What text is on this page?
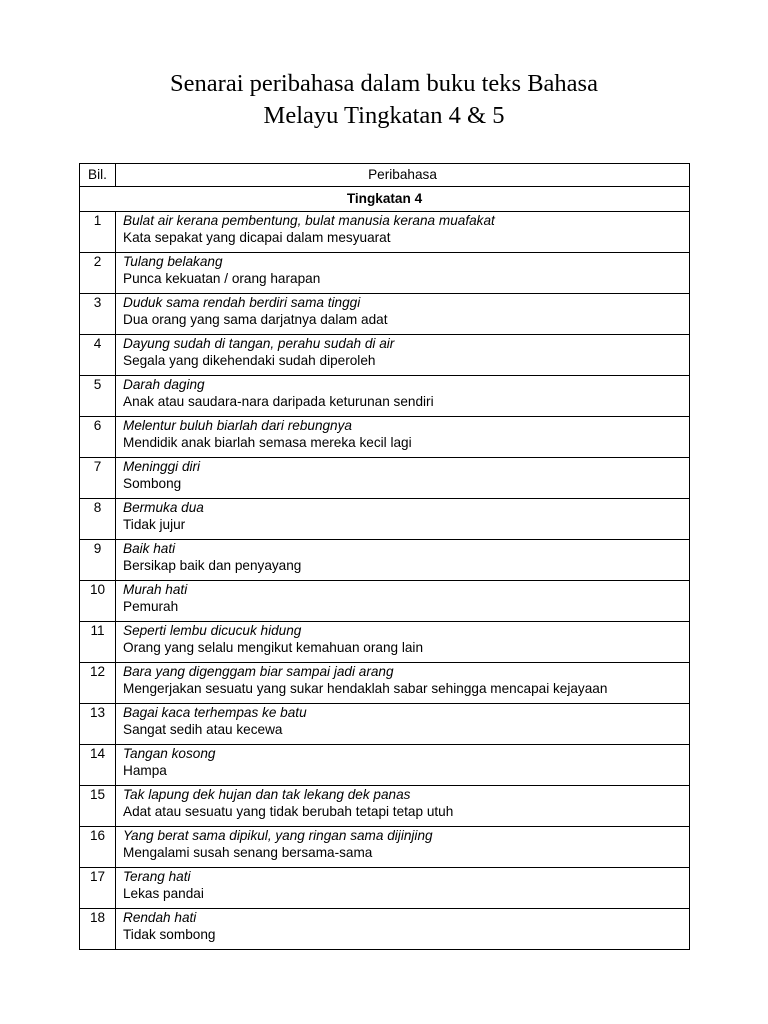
Senarai peribahasa dalam buku teks Bahasa
Melayu Tingkatan 4 & 5
Bil.	Peribahasa
Tingkatan 4	
1	Bulat air kerana pembentung, bulat manusia kerana muafakat
Kata sepakat yang dicapai dalam mesyuarat

2	Tulang belakang
Punca kekuatan / orang harapan

3	Duduk sama rendah berdiri sama tinggi
Dua orang yang sama darjatnya dalam adat

4	Dayung sudah di tangan, perahu sudah di air
Segala yang dikehendaki sudah diperoleh

5	Darah daging
Anak atau saudara-nara daripada keturunan sendiri

6	Melentur buluh biarlah dari rebungnya
Mendidik anak biarlah semasa mereka kecil lagi

7	Meninggi diri
Sombong

8	Bermuka dua
Tidak jujur

9	Baik hati
Bersikap baik dan penyayang

10	Murah hati
Pemurah

11	Seperti lembu dicucuk hidung
Orang yang selalu mengikut kemahuan orang lain

12	Bara yang digenggam biar sampai jadi arang
Mengerjakan sesuatu yang sukar hendaklah sabar sehingga mencapai kejayaan

13	Bagai kaca terhempas ke batu
Sangat sedih atau kecewa

14	Tangan kosong
Hampa

15	Tak lapung dek hujan dan tak lekang dek panas
Adat atau sesuatu yang tidak berubah tetapi tetap utuh

16	Yang berat sama dipikul, yang ringan sama dijinjing
Mengalami susah senang bersama-sama

17	Terang hati
Lekas pandai

18	Rendah hati
Tidak sombong
